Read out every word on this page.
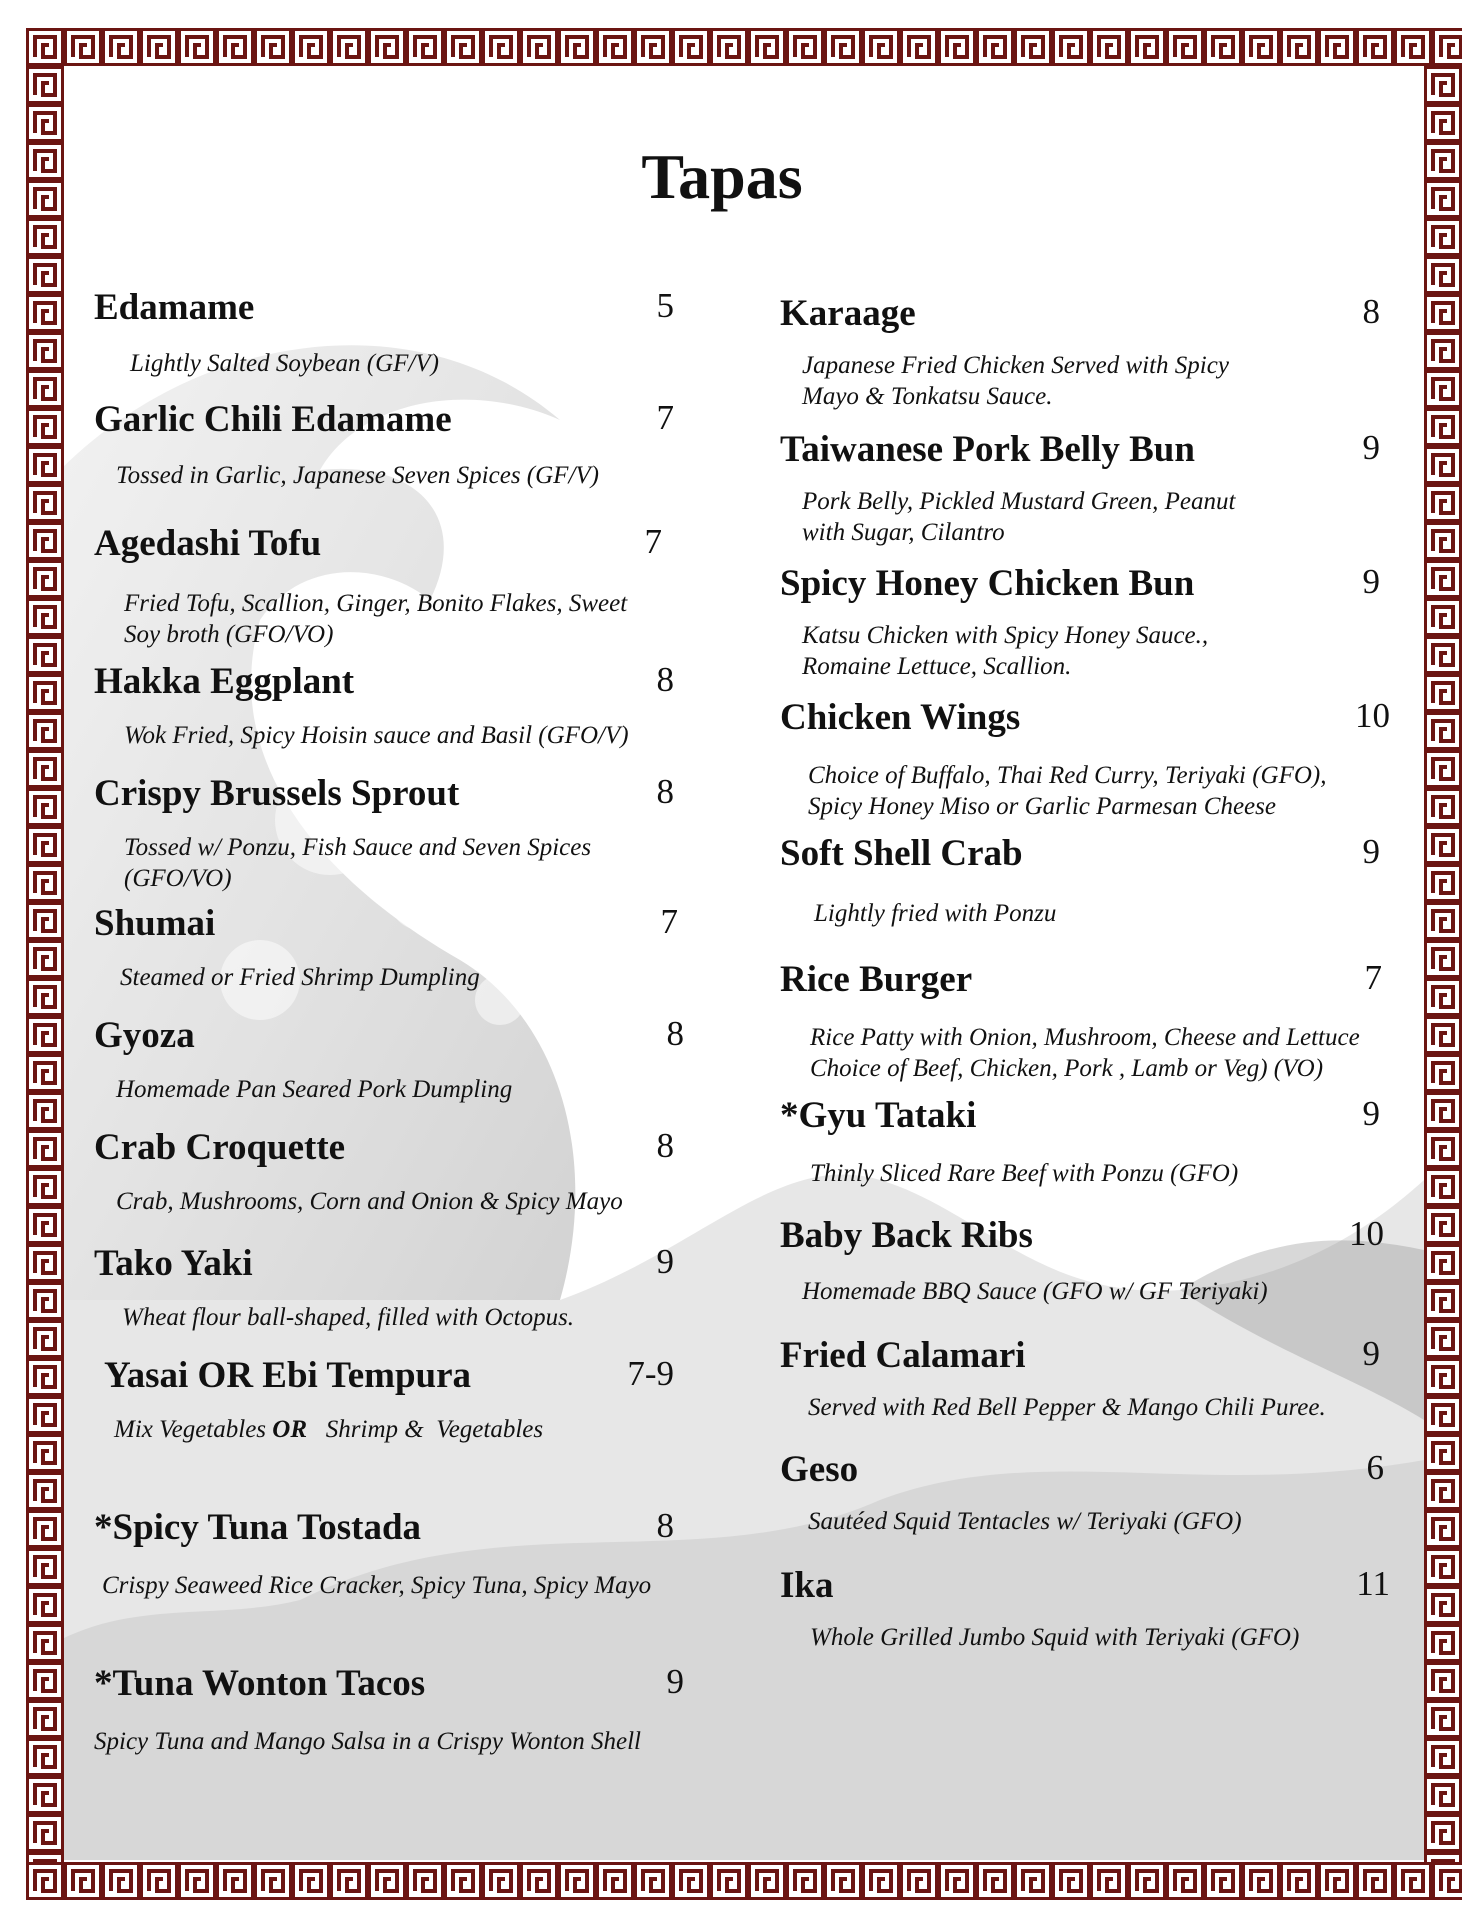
Tapas
Edamame	5
Lightly Salted Soybean (GF/V)
Garlic Chili Edamame	7
Tossed in Garlic, Japanese Seven Spices (GF/V)
Agedashi Tofu	7
Fried Tofu, Scallion, Ginger, Bonito Flakes, Sweet
Soy broth (GFO/VO)
Hakka Eggplant	8
Wok Fried, Spicy Hoisin sauce and Basil (GFO/V)
Crispy Brussels Sprout	8
Tossed w/ Ponzu, Fish Sauce and Seven Spices
(GFO/VO)
Shumai	7
Steamed or Fried Shrimp Dumpling
Gyoza	8
Homemade Pan Seared Pork Dumpling
Crab Croquette	8
Crab, Mushrooms, Corn and Onion & Spicy Mayo
Tako Yaki	9
Wheat flour ball-shaped, filled with Octopus.
Yasai OR Ebi Tempura	7-9
Mix Vegetables OR   Shrimp &  Vegetables
*Spicy Tuna Tostada	8
Crispy Seaweed Rice Cracker, Spicy Tuna, Spicy Mayo
*Tuna Wonton Tacos	9
Spicy Tuna and Mango Salsa in a Crispy Wonton Shell
Karaage	8
Japanese Fried Chicken Served with Spicy
Mayo & Tonkatsu Sauce.
Taiwanese Pork Belly Bun	9
Pork Belly, Pickled Mustard Green, Peanut
with Sugar, Cilantro
Spicy Honey Chicken Bun	9
Katsu Chicken with Spicy Honey Sauce.,
Romaine Lettuce, Scallion.
Chicken Wings	10
Choice of Buffalo, Thai Red Curry, Teriyaki (GFO),
Spicy Honey Miso or Garlic Parmesan Cheese
Soft Shell Crab	9
Lightly fried with Ponzu
Rice Burger	7
Rice Patty with Onion, Mushroom, Cheese and Lettuce
Choice of Beef, Chicken, Pork , Lamb or Veg) (VO)
*Gyu Tataki	9
Thinly Sliced Rare Beef with Ponzu (GFO)
Baby Back Ribs	10
Homemade BBQ Sauce (GFO w/ GF Teriyaki)
Fried Calamari	9
Served with Red Bell Pepper & Mango Chili Puree.
Geso	6
Sautéed Squid Tentacles w/ Teriyaki (GFO)
Ika	11
Whole Grilled Jumbo Squid with Teriyaki (GFO)
